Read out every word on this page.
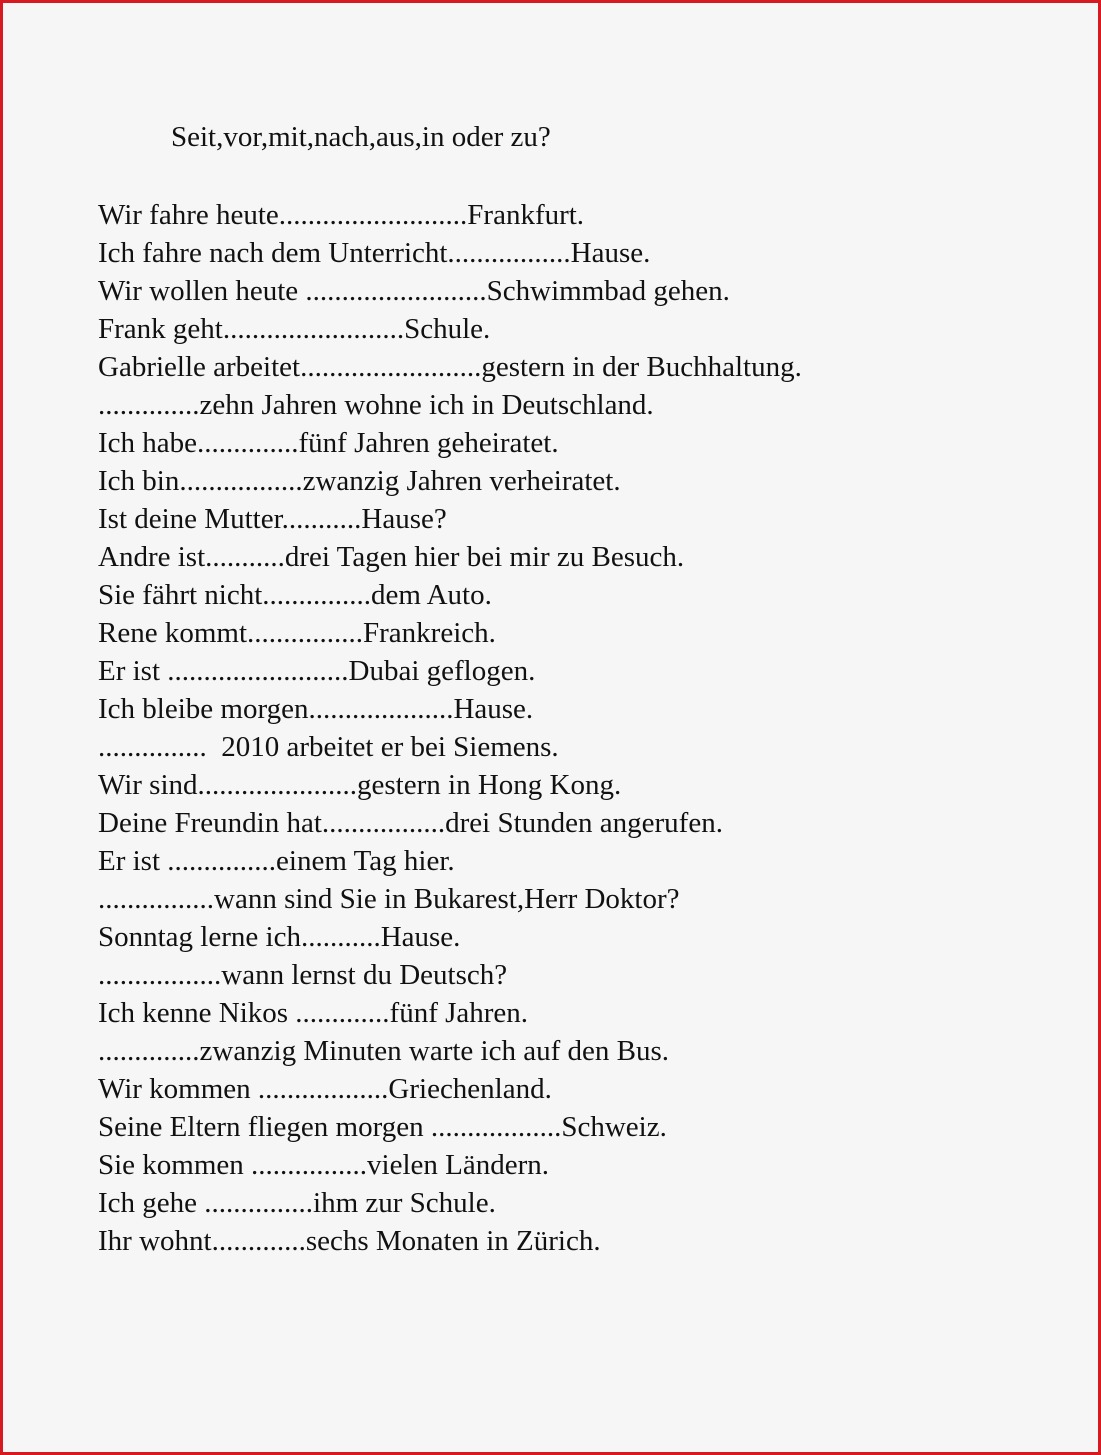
Seit,vor,mit,nach,aus,in oder zu?
Wir fahre heute..........................Frankfurt.
Ich fahre nach dem Unterricht.................Hause.
Wir wollen heute .........................Schwimmbad gehen.
Frank geht.........................Schule.
Gabrielle arbeitet.........................gestern in der Buchhaltung.
..............zehn Jahren wohne ich in Deutschland.
Ich habe..............fünf Jahren geheiratet.
Ich bin.................zwanzig Jahren verheiratet.
Ist deine Mutter...........Hause?
Andre ist...........drei Tagen hier bei mir zu Besuch.
Sie fährt nicht...............dem Auto.
Rene kommt................Frankreich.
Er ist .........................Dubai geflogen.
Ich bleibe morgen....................Hause.
...............  2010 arbeitet er bei Siemens.
Wir sind......................gestern in Hong Kong.
Deine Freundin hat.................drei Stunden angerufen.
Er ist ...............einem Tag hier.
................wann sind Sie in Bukarest,Herr Doktor?
Sonntag lerne ich...........Hause.
.................wann lernst du Deutsch?
Ich kenne Nikos .............fünf Jahren.
..............zwanzig Minuten warte ich auf den Bus.
Wir kommen ..................Griechenland.
Seine Eltern fliegen morgen ..................Schweiz.
Sie kommen ................vielen Ländern.
Ich gehe ...............ihm zur Schule.
Ihr wohnt.............sechs Monaten in Zürich.
